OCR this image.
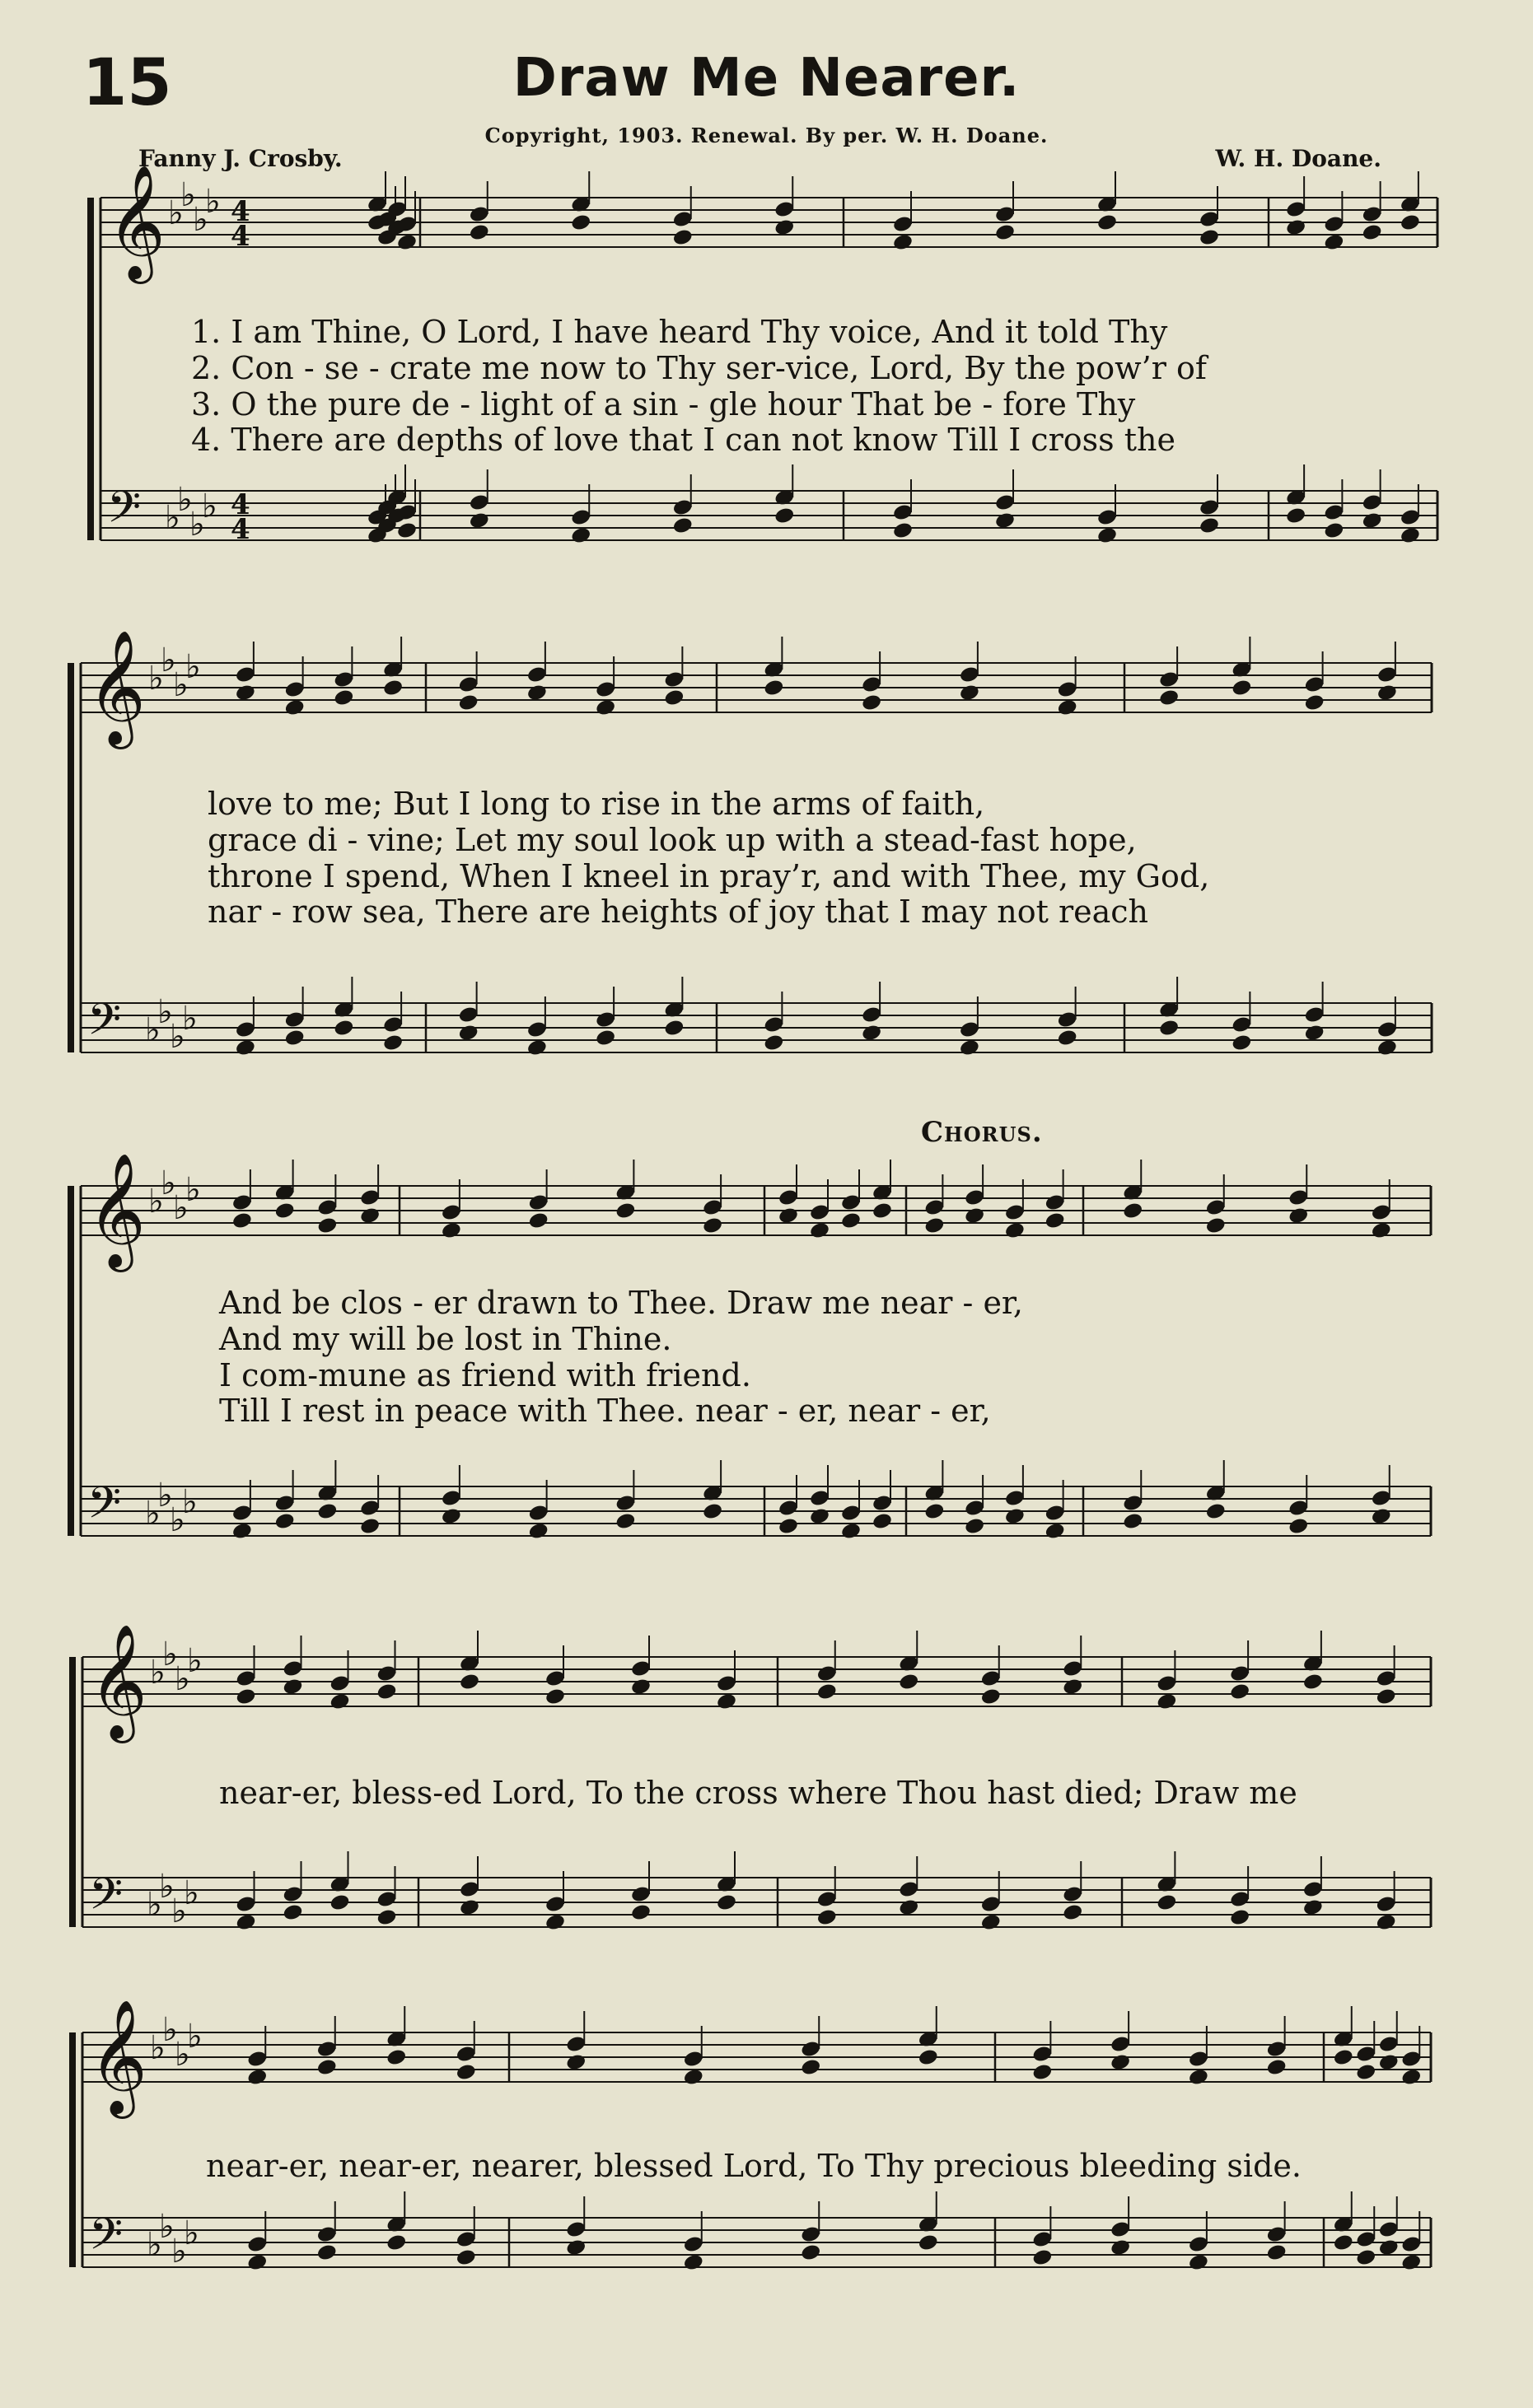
15	Draw Me Nearer.
Copyright, 1903. Renewal. By per. W. H. Doane.
Fanny J. Crosby.	W. H. Doane.
1. I am Thine, O Lord, I have heard Thy voice, And it told Thy
2. Con - se - crate me now to Thy ser-vice, Lord, By the pow’r of
3. O the pure de - light of a sin - gle hour That be - fore Thy
4. There are depths of love that I can not know Till I cross the
love to me; But I long to rise in the arms of faith,
grace di - vine; Let my soul look up with a stead-fast hope,
throne I spend, When I kneel in pray’r, and with Thee, my God,
nar - row sea, There are heights of joy that I may not reach
Chorus.
And be clos - er drawn to Thee. Draw me near - er,
And my will be lost in Thine.
I com-mune as friend with friend.
Till I rest in peace with Thee. near - er, near - er,
near-er, bless-ed Lord, To the cross where Thou hast died; Draw me
near-er, near-er, nearer, blessed Lord, To Thy precious bleeding side.
𝄞 ♭
♭
♭
♭
𝄢 ♭
♭
♭
♭
𝄞 ♭
♭
♭
♭
𝄢 ♭
♭
♭
♭
𝄞 ♭
♭
♭
♭
𝄢 ♭
♭
♭
♭
𝄞 ♭
♭
♭
♭
𝄢 ♭
♭
♭
♭
𝄞 ♭
♭
♭
♭
𝄢 ♭
♭
♭
♭
4
4
4
4
